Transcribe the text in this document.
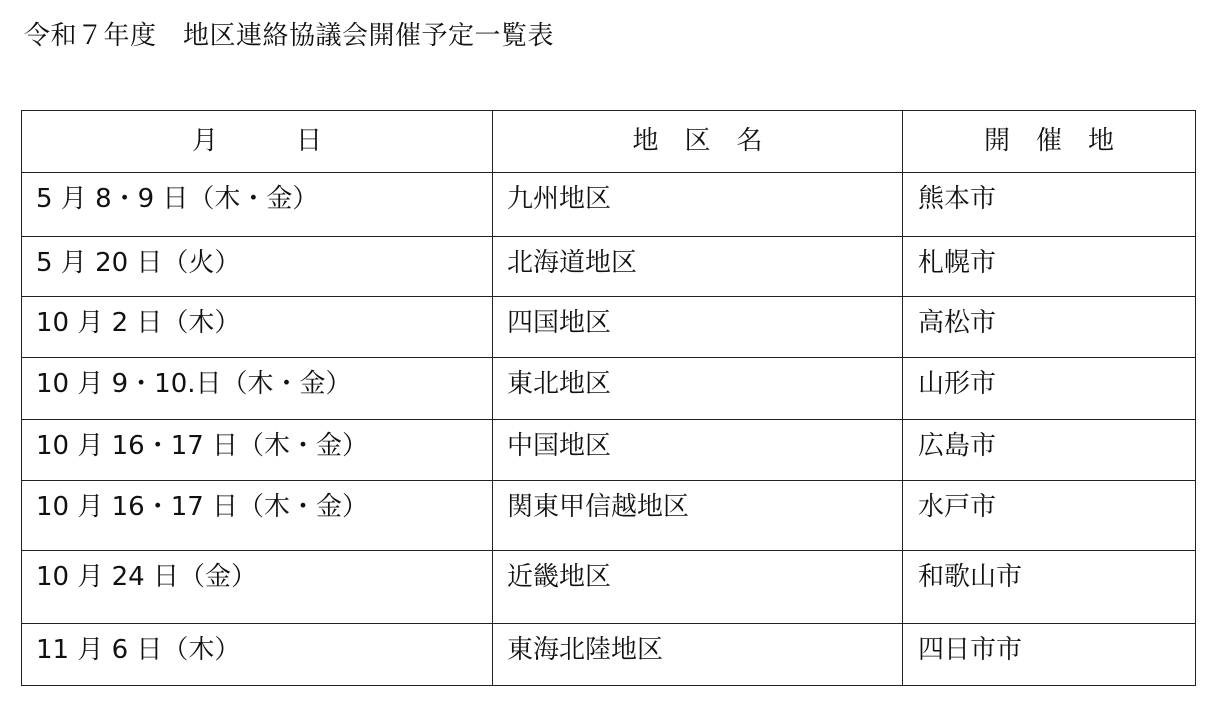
令和７年度　地区連絡協議会開催予定一覧表
月　　　日	地　区　名	開　催　地
5 月 8・9 日（木・金）	九州地区	熊本市
5 月 20 日（火）	北海道地区	札幌市
10 月 2 日（木）	四国地区	高松市
10 月 9・10.日（木・金）	東北地区	山形市
10 月 16・17 日（木・金）	中国地区	広島市
10 月 16・17 日（木・金）	関東甲信越地区	水戸市
10 月 24 日（金）	近畿地区	和歌山市
11 月 6 日（木）	東海北陸地区	四日市市
